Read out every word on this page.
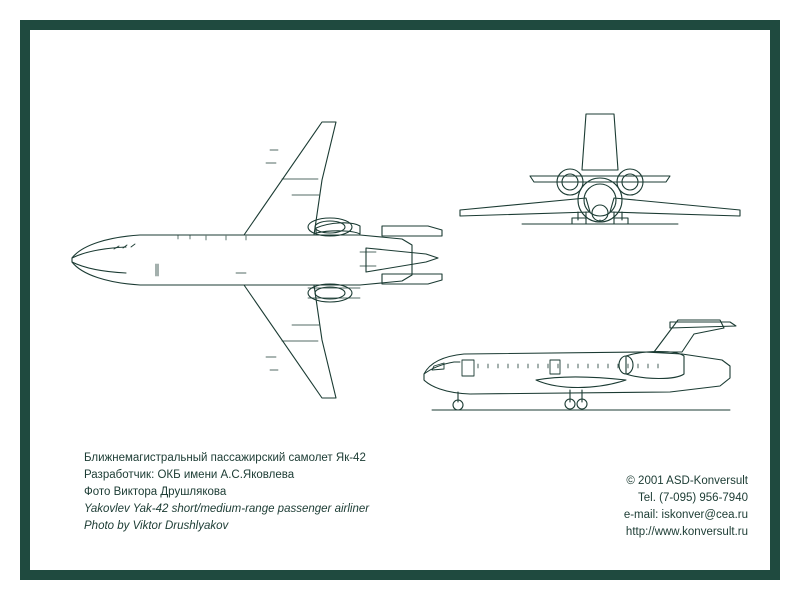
Ближнемагистральный пассажирский самолет Як-42
Разработчик: ОКБ имени А.С.Яковлева
Фото Виктора Друшлякова
Yakovlev Yak-42 short/medium-range passenger airliner
Photo by Viktor Drushlyakov
© 2001 ASD-Konversult
Tel. (7-095) 956-7940
e-mail: iskonver@cea.ru
http://www.konversult.ru
